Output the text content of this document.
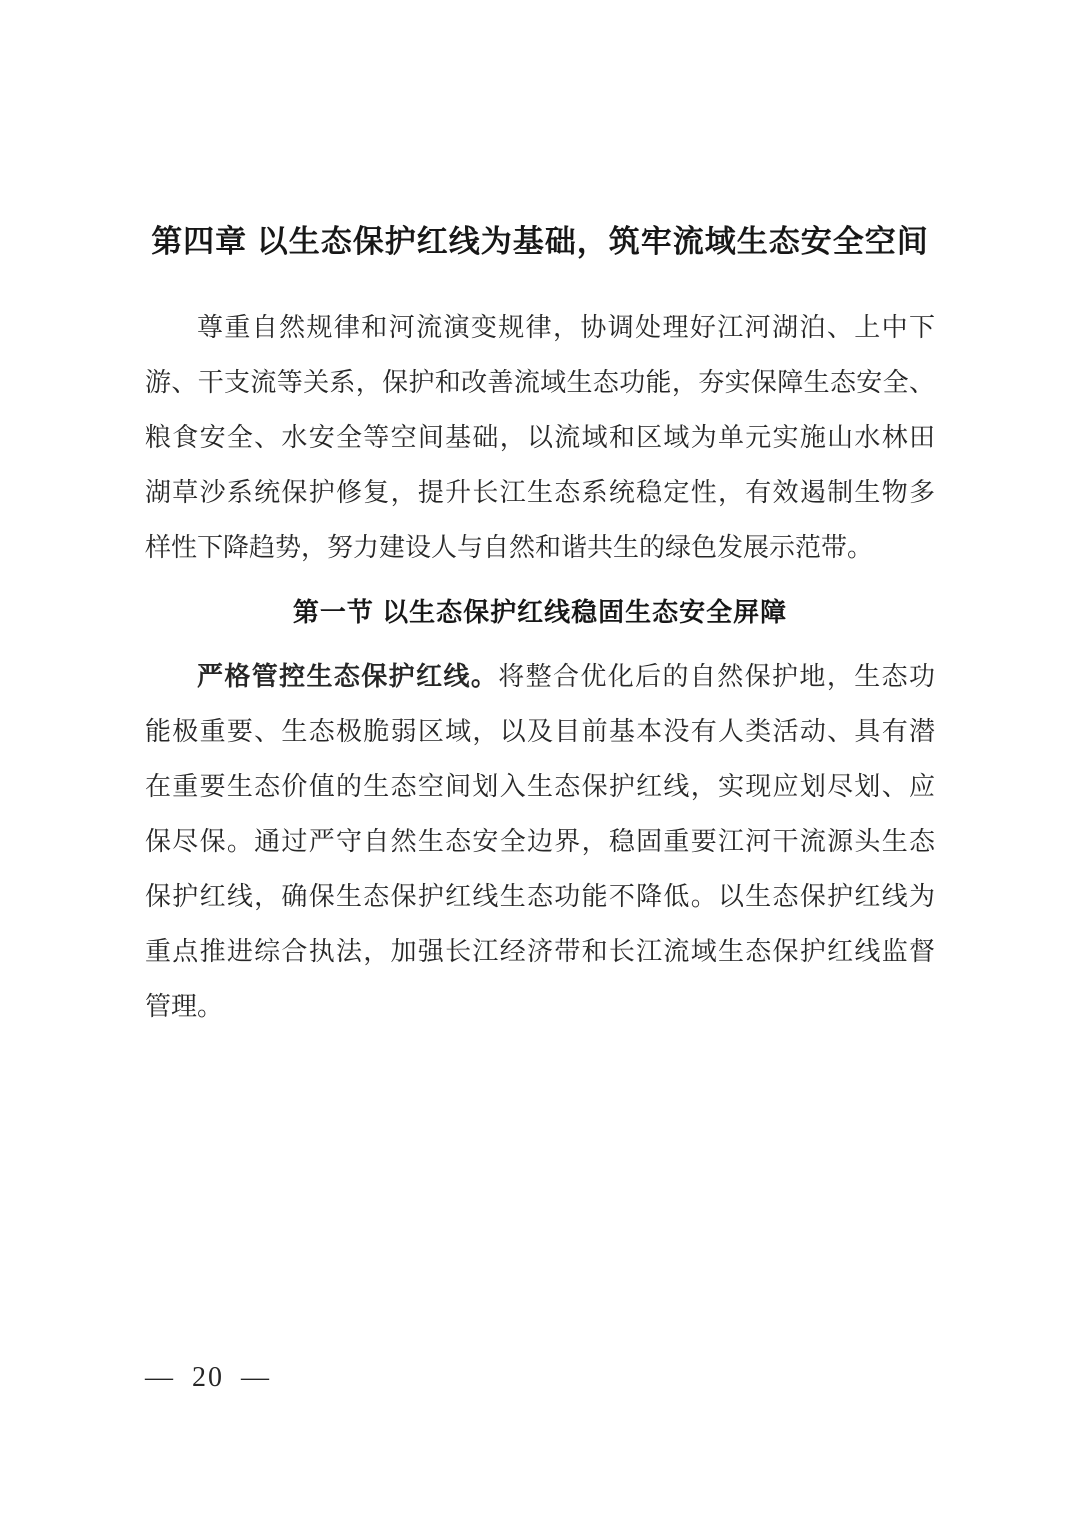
第四章 以生态保护红线为基础，筑牢流域生态安全空间
尊重自然规律和河流演变规律，协调处理好江河湖泊、上中下
游、干支流等关系，保护和改善流域生态功能，夯实保障生态安全、
粮食安全、水安全等空间基础，以流域和区域为单元实施山水林田
湖草沙系统保护修复，提升长江生态系统稳定性，有效遏制生物多
样性下降趋势，努力建设人与自然和谐共生的绿色发展示范带。
第一节 以生态保护红线稳固生态安全屏障
严格管控生态保护红线。将整合优化后的自然保护地，生态功
能极重要、生态极脆弱区域，以及目前基本没有人类活动、具有潜
在重要生态价值的生态空间划入生态保护红线，实现应划尽划、应
保尽保。通过严守自然生态安全边界，稳固重要江河干流源头生态
保护红线，确保生态保护红线生态功能不降低。以生态保护红线为
重点推进综合执法，加强长江经济带和长江流域生态保护红线监督
管理。
— 20 —
